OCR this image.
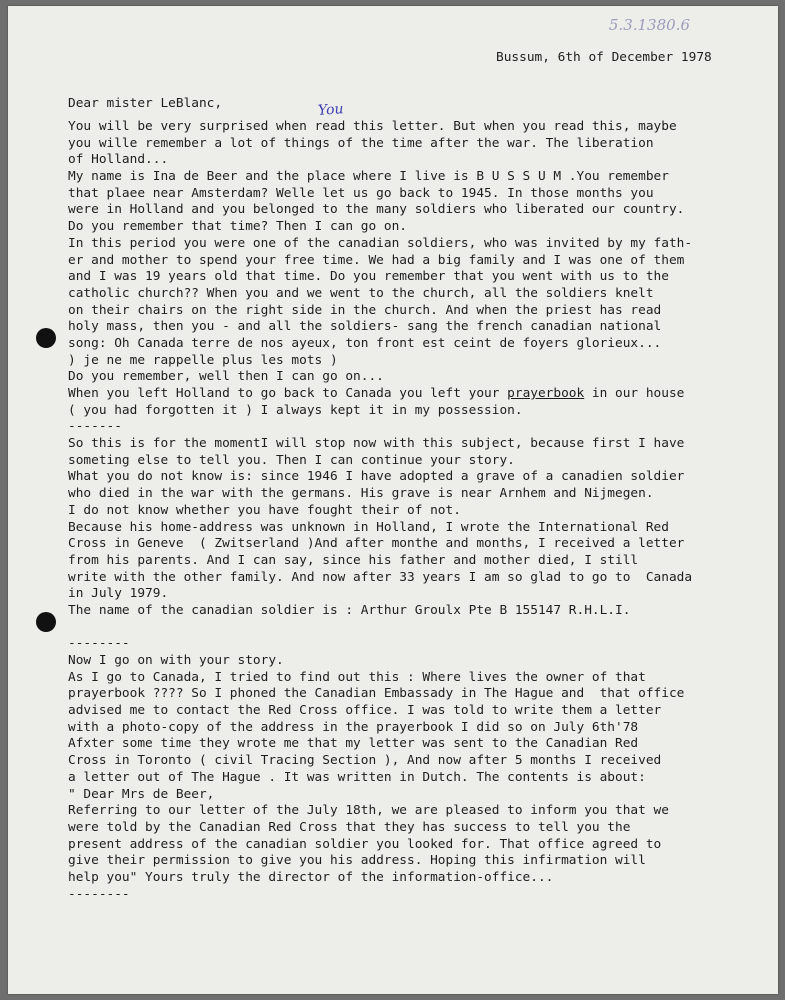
5.3.1380.6
Bussum, 6th of December 1978
Dear mister LeBlanc,	You
You will be very surprised when read this letter. But when you read this, maybe
you wille remember a lot of things of the time after the war. The liberation
of Holland...
My name is Ina de Beer and the place where I live is B U S S U M .You remember
that plaee near Amsterdam? Welle let us go back to 1945. In those months you
were in Holland and you belonged to the many soldiers who liberated our country.
Do you remember that time? Then I can go on.
In this period you were one of the canadian soldiers, who was invited by my fath-
er and mother to spend your free time. We had a big family and I was one of them
and I was 19 years old that time. Do you remember that you went with us to the
catholic church?? When you and we went to the church, all the soldiers knelt
on their chairs on the right side in the church. And when the priest has read
holy mass, then you - and all the soldiers- sang the french canadian national
song: Oh Canada terre de nos ayeux, ton front est ceint de foyers glorieux...
) je ne me rappelle plus les mots )
Do you remember, well then I can go on...
When you left Holland to go back to Canada you left your prayerbook in our house
( you had forgotten it ) I always kept it in my possession.
-------
So this is for the momentI will stop now with this subject, because first I have
someting else to tell you. Then I can continue your story.
What you do not know is: since 1946 I have adopted a grave of a canadien soldier
who died in the war with the germans. His grave is near Arnhem and Nijmegen.
I do not know whether you have fought their of not.
Because his home-address was unknown in Holland, I wrote the International Red
Cross in Geneve  ( Zwitserland )And after monthe and months, I received a letter
from his parents. And I can say, since his father and mother died, I still
write with the other family. And now after 33 years I am so glad to go to  Canada
in July 1979.
The name of the canadian soldier is : Arthur Groulx Pte B 155147 R.H.L.I.
--------
Now I go on with your story.
As I go to Canada, I tried to find out this : Where lives the owner of that
prayerbook ???? So I phoned the Canadian Embassady in The Hague and  that office
advised me to contact the Red Cross office. I was told to write them a letter
with a photo-copy of the address in the prayerbook I did so on July 6th'78
Afxter some time they wrote me that my letter was sent to the Canadian Red
Cross in Toronto ( civil Tracing Section ), And now after 5 months I received
a letter out of The Hague . It was written in Dutch. The contents is about:
" Dear Mrs de Beer,
Referring to our letter of the July 18th, we are pleased to inform you that we
were told by the Canadian Red Cross that they has success to tell you the
present address of the canadian soldier you looked for. That office agreed to
give their permission to give you his address. Hoping this infirmation will
help you" Yours truly the director of the information-office...
--------
